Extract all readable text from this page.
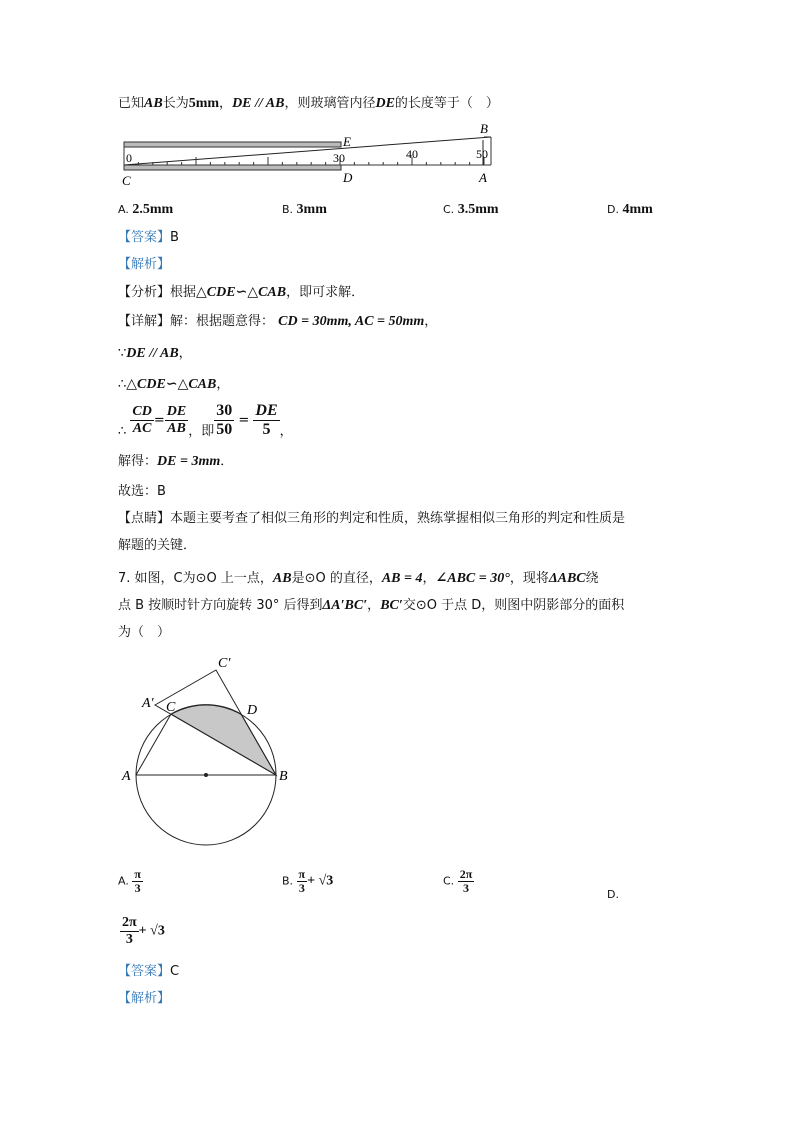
已知AB长为5mm，DE // AB，则玻璃管内径DE的长度等于（　）
0	30	40	50
C	D
E
A
B
A. 2.5mm	B. 3mm	C. 3.5mm	D. 4mm
【答案】B
【解析】
【分析】根据△CDE∽△CAB，即可求解．
【详解】解：根据题意得： CD = 30mm, AC = 50mm，
∵DE // AB，
∴△CDE∽△CAB，
∴ $\frac{CD}{AC} = \frac{DE}{AB}$ ，即 $\frac{30}{50} = \frac{DE}{5}$ ，
解得：DE = 3mm．
故选：B
【点睛】本题主要考查了相似三角形的判定和性质，熟练掌握相似三角形的判定和性质是
解题的关键．
7. 如图，C为⊙O 上一点，AB是⊙O 的直径，AB = 4，∠ABC = 30°，现将ΔABC绕
点 B 按顺时针方向旋转 30° 后得到ΔA′BC′，BC′交⊙O 于点 D，则图中阴影部分的面积
为（　）
A	B
C	D
A′
C′
A. $\frac{\pi}{3}$	B. $\frac{\pi}{3} + √3$	C. $\frac{2\pi}{3}$	D.
$\frac{2\pi}{3} + √3$
【答案】C
【解析】
